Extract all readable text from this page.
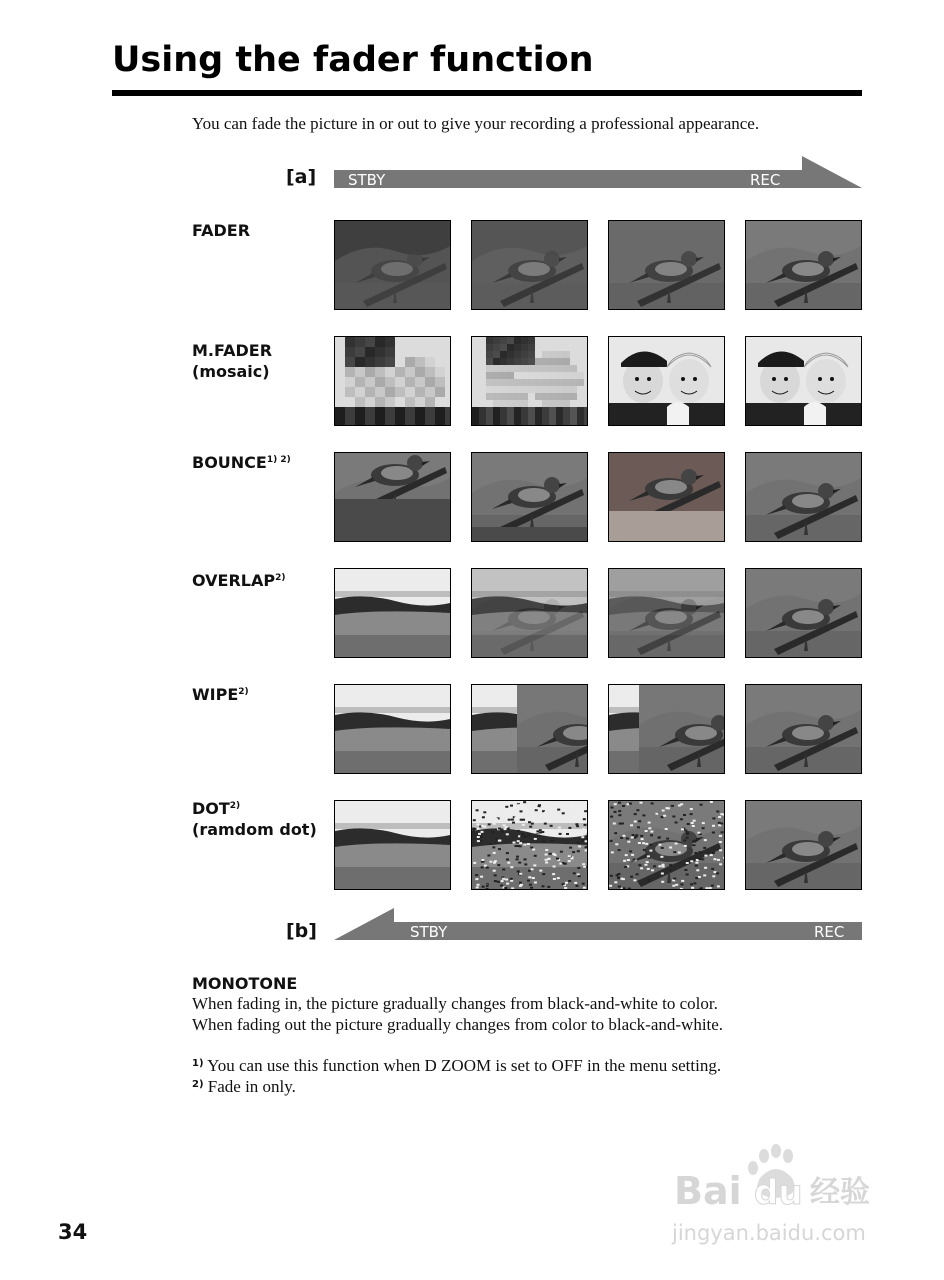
Using the fader function
You can fade the picture in or out to give your recording a professional appearance.
[a] STBY	REC
FADER
M.FADER
(mosaic)
$BOUNCE^{1) 2)}$
OVERLAP$^{2)}$
WIPE$^{2)}$
DOT$^{2)}$
(ramdom dot)
[b]	STBY	REC
MONOTONE
When fading in, the picture gradually changes from black-and-white to color.
When fading out the picture gradually changes from color to black-and-white.
$^{1)}$ You can use this function when D ZOOM is set to OFF in the menu setting.
$^{2)}$ Fade in only.
34
Bai du 经验
jingyan.baidu.com
